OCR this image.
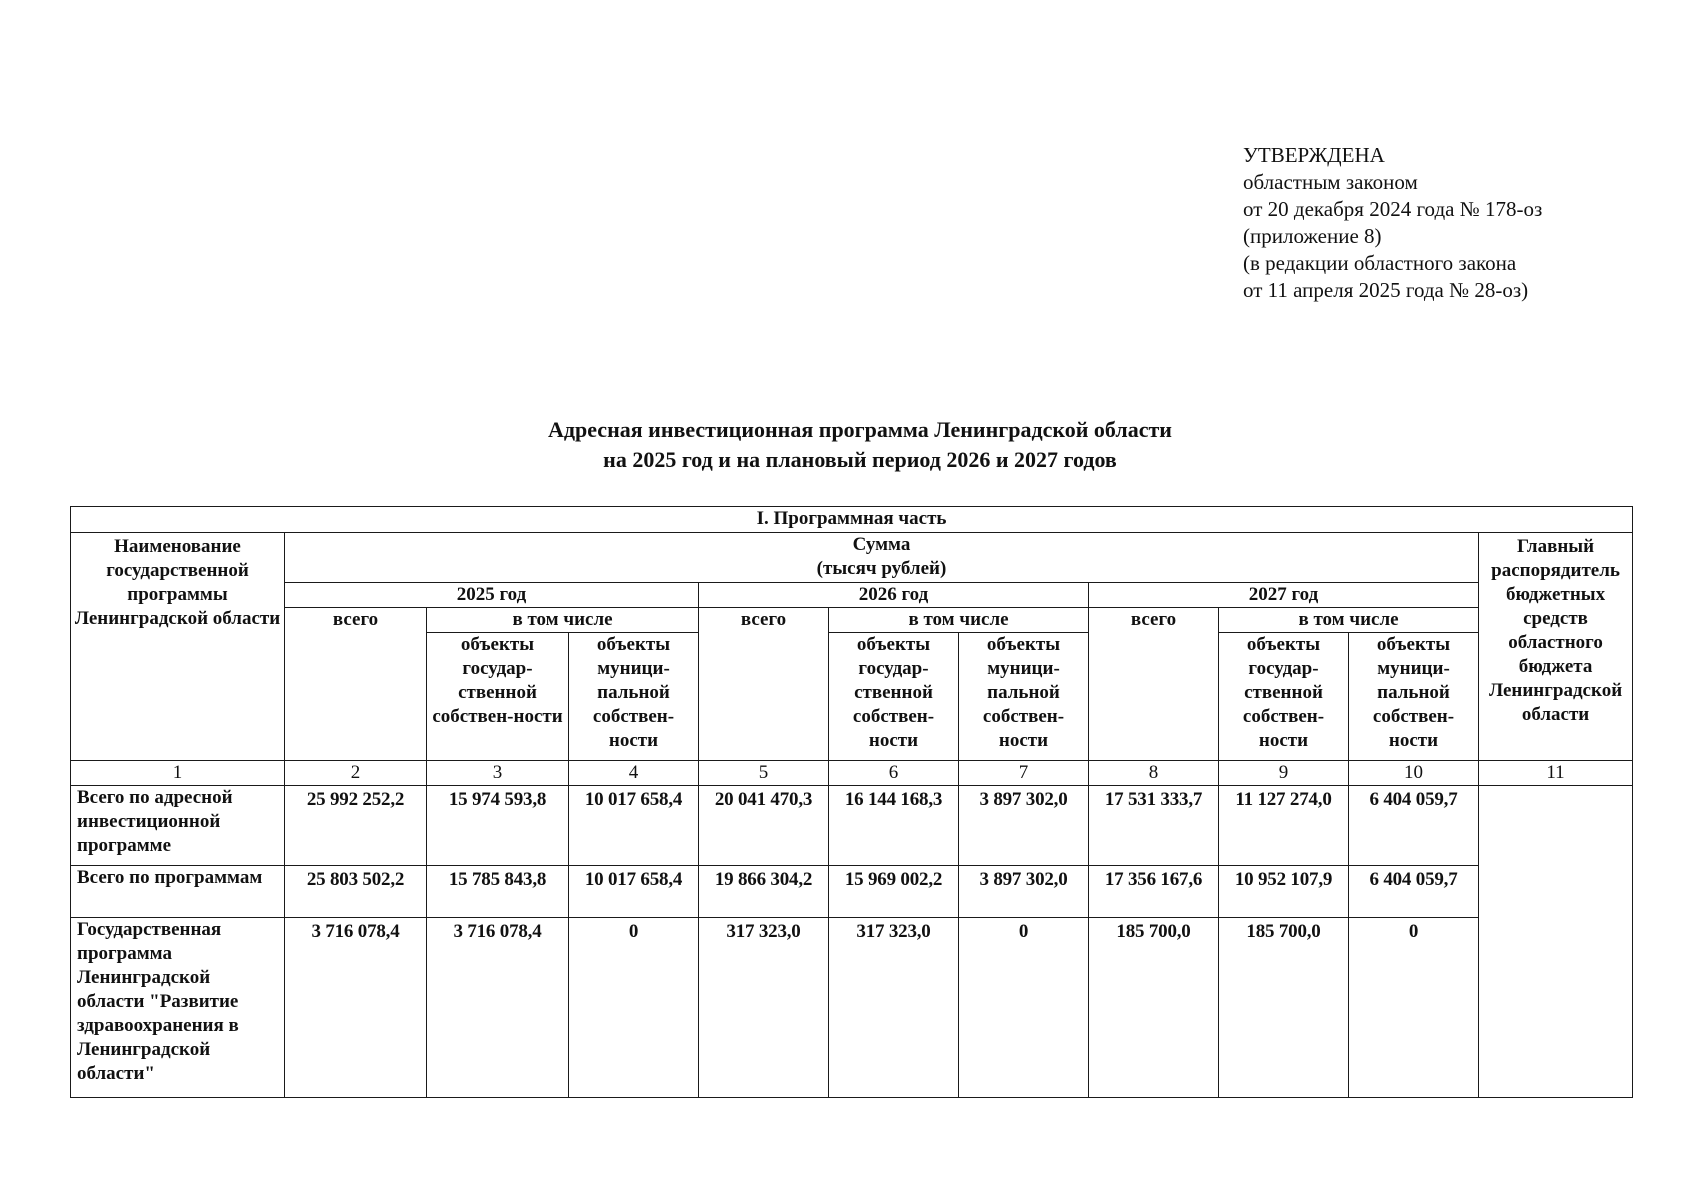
УТВЕРЖДЕНА
областным законом
от 20 декабря 2024 года № 178-оз
(приложение 8)
(в редакции областного закона
от 11 апреля 2025 года № 28-оз)
Адресная инвестиционная программа Ленинградской области
на 2025 год и на плановый период 2026 и 2027 годов
I. Программная часть										

Наименование государственной программы Ленинградской области	Сумма
(тысяч рублей)									Главный распорядитель бюджетных средств областного бюджета Ленинградской области

	2025 год			2026 год			2027 год			
	всего	в том числе		всего	в том числе		всего	в том числе		
		объекты государ-ственной собствен-ности	объекты муници-пальной собствен-ности		объекты государ-ственной собствен-ности	объекты муници-пальной собствен-ности		объекты государ-ственной собствен-ности	объекты муници-пальной собствен-ности	
1	2	3	4	5	6	7	8	9	10	11
Всего по адресной инвестиционной программе	25 992 252,2	15 974 593,8	10 017 658,4	20 041 470,3	16 144 168,3	3 897 302,0	17 531 333,7	11 127 274,0	6 404 059,7	
Всего по программам	25 803 502,2	15 785 843,8	10 017 658,4	19 866 304,2	15 969 002,2	3 897 302,0	17 356 167,6	10 952 107,9	6 404 059,7	
Государственная программа Ленинградской области "Развитие здравоохранения в Ленинградской области"	3 716 078,4	3 716 078,4	0	317 323,0	317 323,0	0	185 700,0	185 700,0	0	
